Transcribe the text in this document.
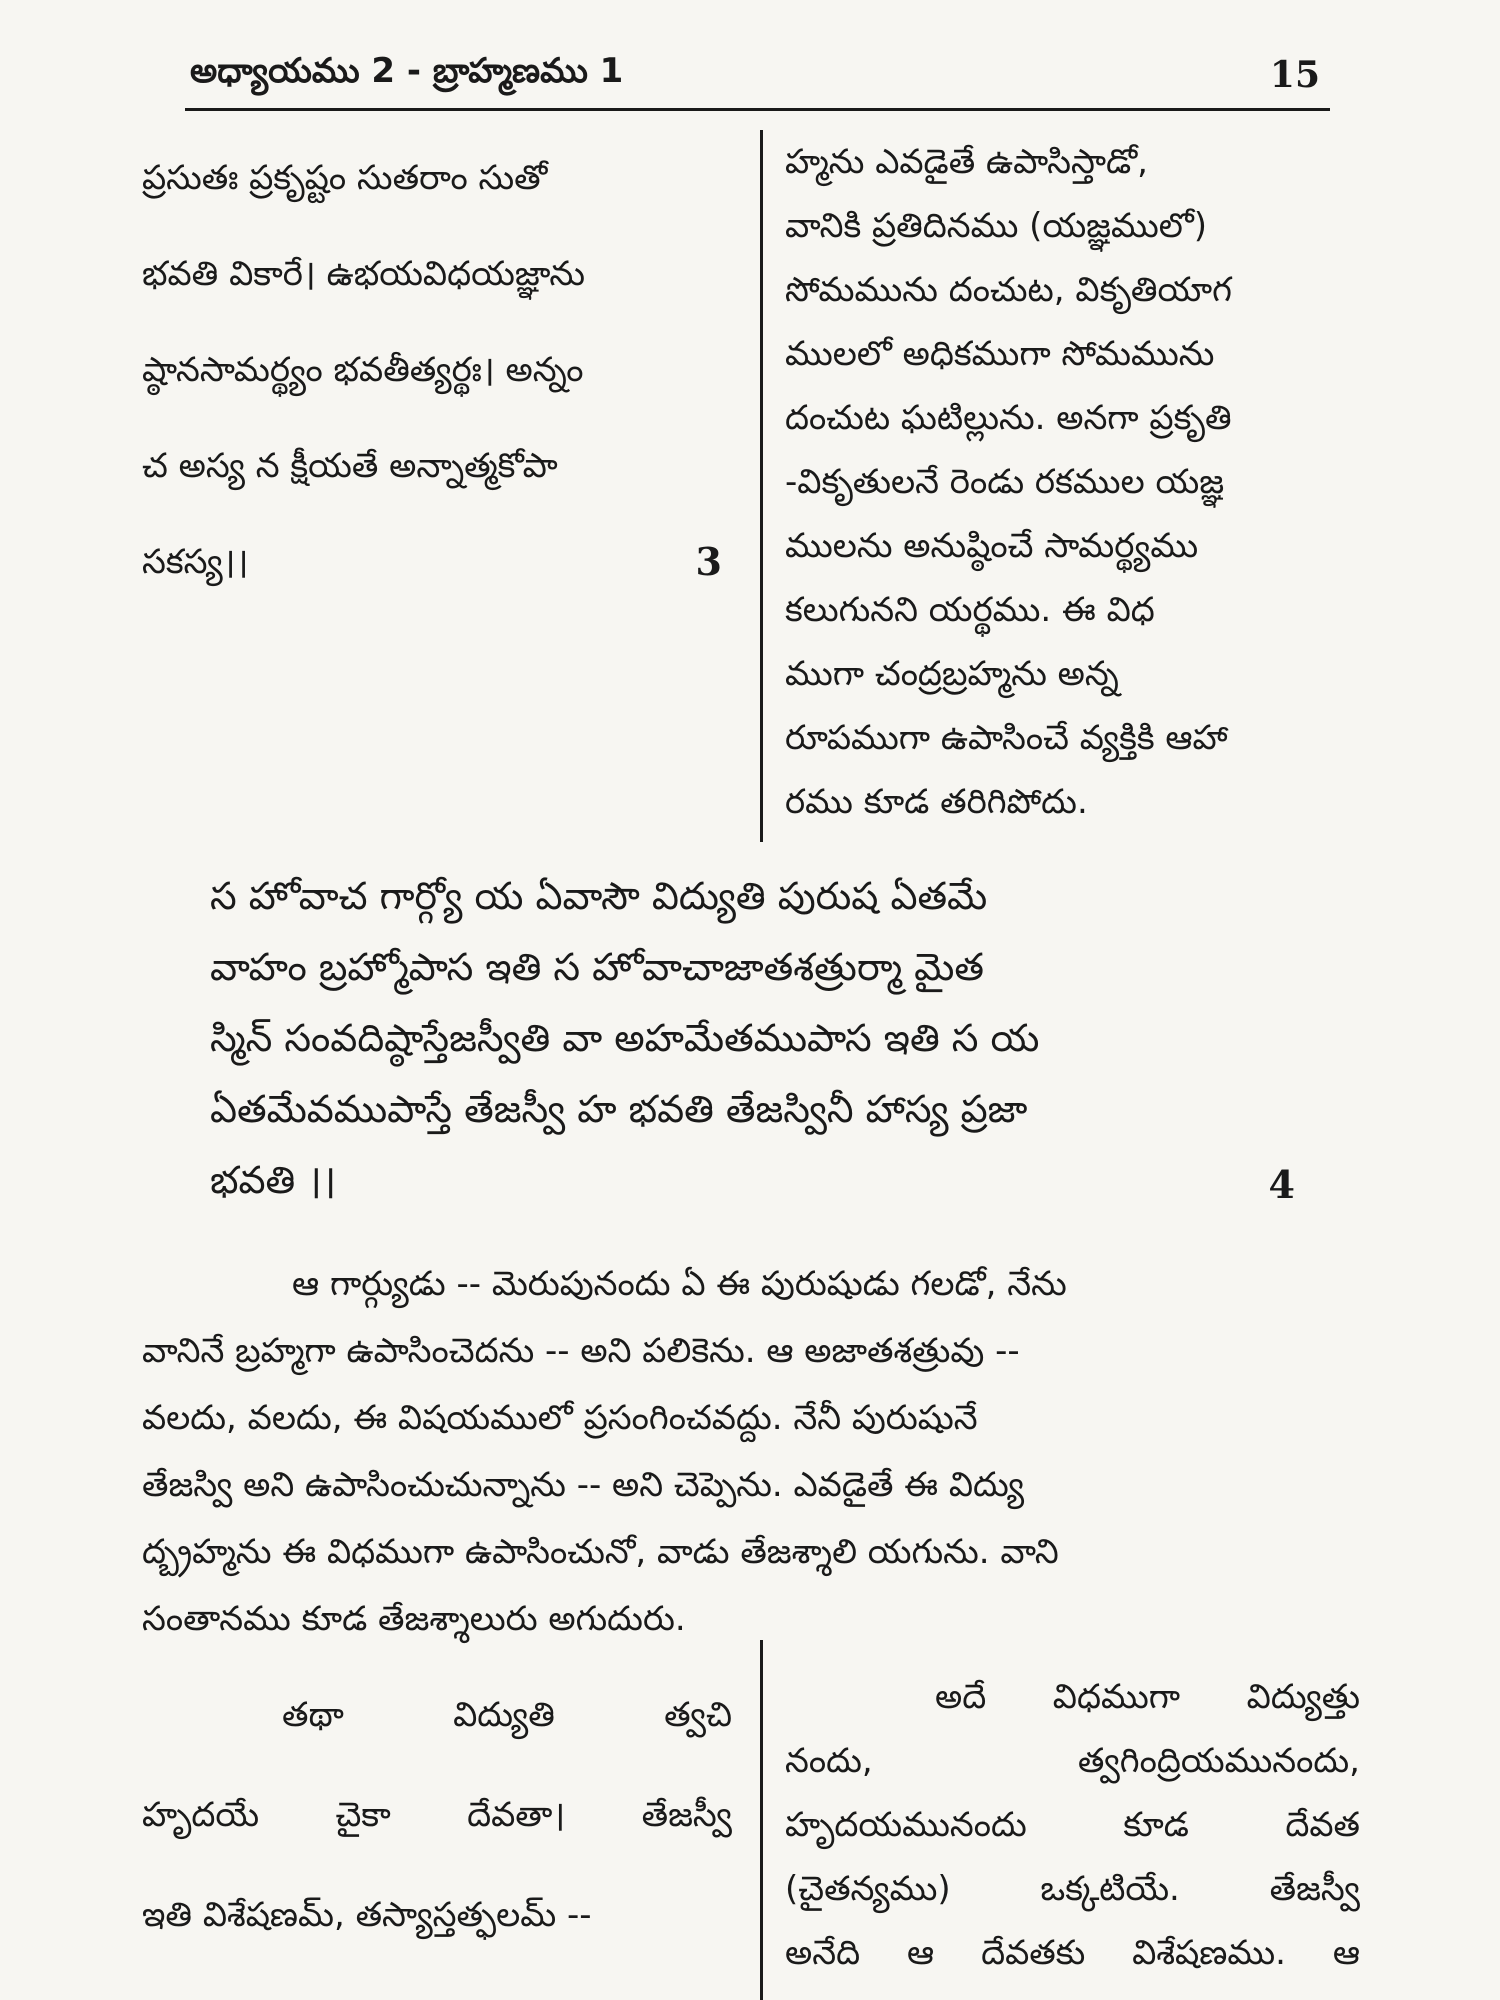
అధ్యాయము 2 - బ్రాహ్మణము 1	15

ప్రసుతః ప్రకృష్టం సుతరాం సుతో

భవతి వికారే। ఉభయవిధయజ్ఞాను

ష్ఠానసామర్థ్యం భవతీత్యర్థః। అన్నం

చ అస్య న క్షీయతే అన్నాత్మకోపా

సకస్య।।	3

హ్మను ఎవడైతే ఉపాసిస్తాడో,

వానికి ప్రతిదినము (యజ్ఞములో)

సోమమును దంచుట, వికృతియాగ

ములలో అధికముగా సోమమును

దంచుట ఘటిల్లును. అనగా ప్రకృతి

-వికృతులనే రెండు రకముల యజ్ఞ

ములను అనుష్ఠించే సామర్థ్యము

కలుగునని యర్థము. ఈ విధ

ముగా చంద్రబ్రహ్మను అన్న

రూపముగా ఉపాసించే వ్యక్తికి ఆహా

రము కూడ తరిగిపోదు.

స హోవాచ గార్గ్యో య ఏవాసౌ విద్యుతి పురుష ఏతమే

వాహం బ్రహ్మోపాస ఇతి స హోవాచాజాతశత్రుర్మా మైత

స్మిన్ సంవదిష్ఠాస్తేజస్వీతి వా అహమేతముపాస ఇతి స య

ఏతమేవముపాస్తే తేజస్వీ హ భవతి తేజస్వినీ హాస్య ప్రజా

భవతి ।।	4

ఆ గార్గ్యుడు -- మెరుపునందు ఏ ఈ పురుషుడు గలడో, నేను

వానినే బ్రహ్మగా ఉపాసించెదను -- అని పలికెను. ఆ అజాతశత్రువు --

వలదు, వలదు, ఈ విషయములో ప్రసంగించవద్దు. నేనీ పురుషునే

తేజస్వి అని ఉపాసించుచున్నాను -- అని చెప్పెను. ఎవడైతే ఈ విద్యు

ద్బ్రహ్మను ఈ విధముగా ఉపాసించునో, వాడు తేజశ్శాలి యగును. వాని

సంతానము కూడ తేజశ్శాలురు అగుదురు.

తథా విద్యుతి త్వచి

హృదయే చైకా దేవతా। తేజస్వీ

ఇతి విశేషణమ్, తస్యాస్తత్ఫలమ్ --

అదే విధముగా విద్యుత్తు

నందు, త్వగింద్రియమునందు,

హృదయమునందు కూడ దేవత

(చైతన్యము) ఒక్కటియే. తేజస్వీ

అనేది ఆ దేవతకు విశేషణము. ఆ
